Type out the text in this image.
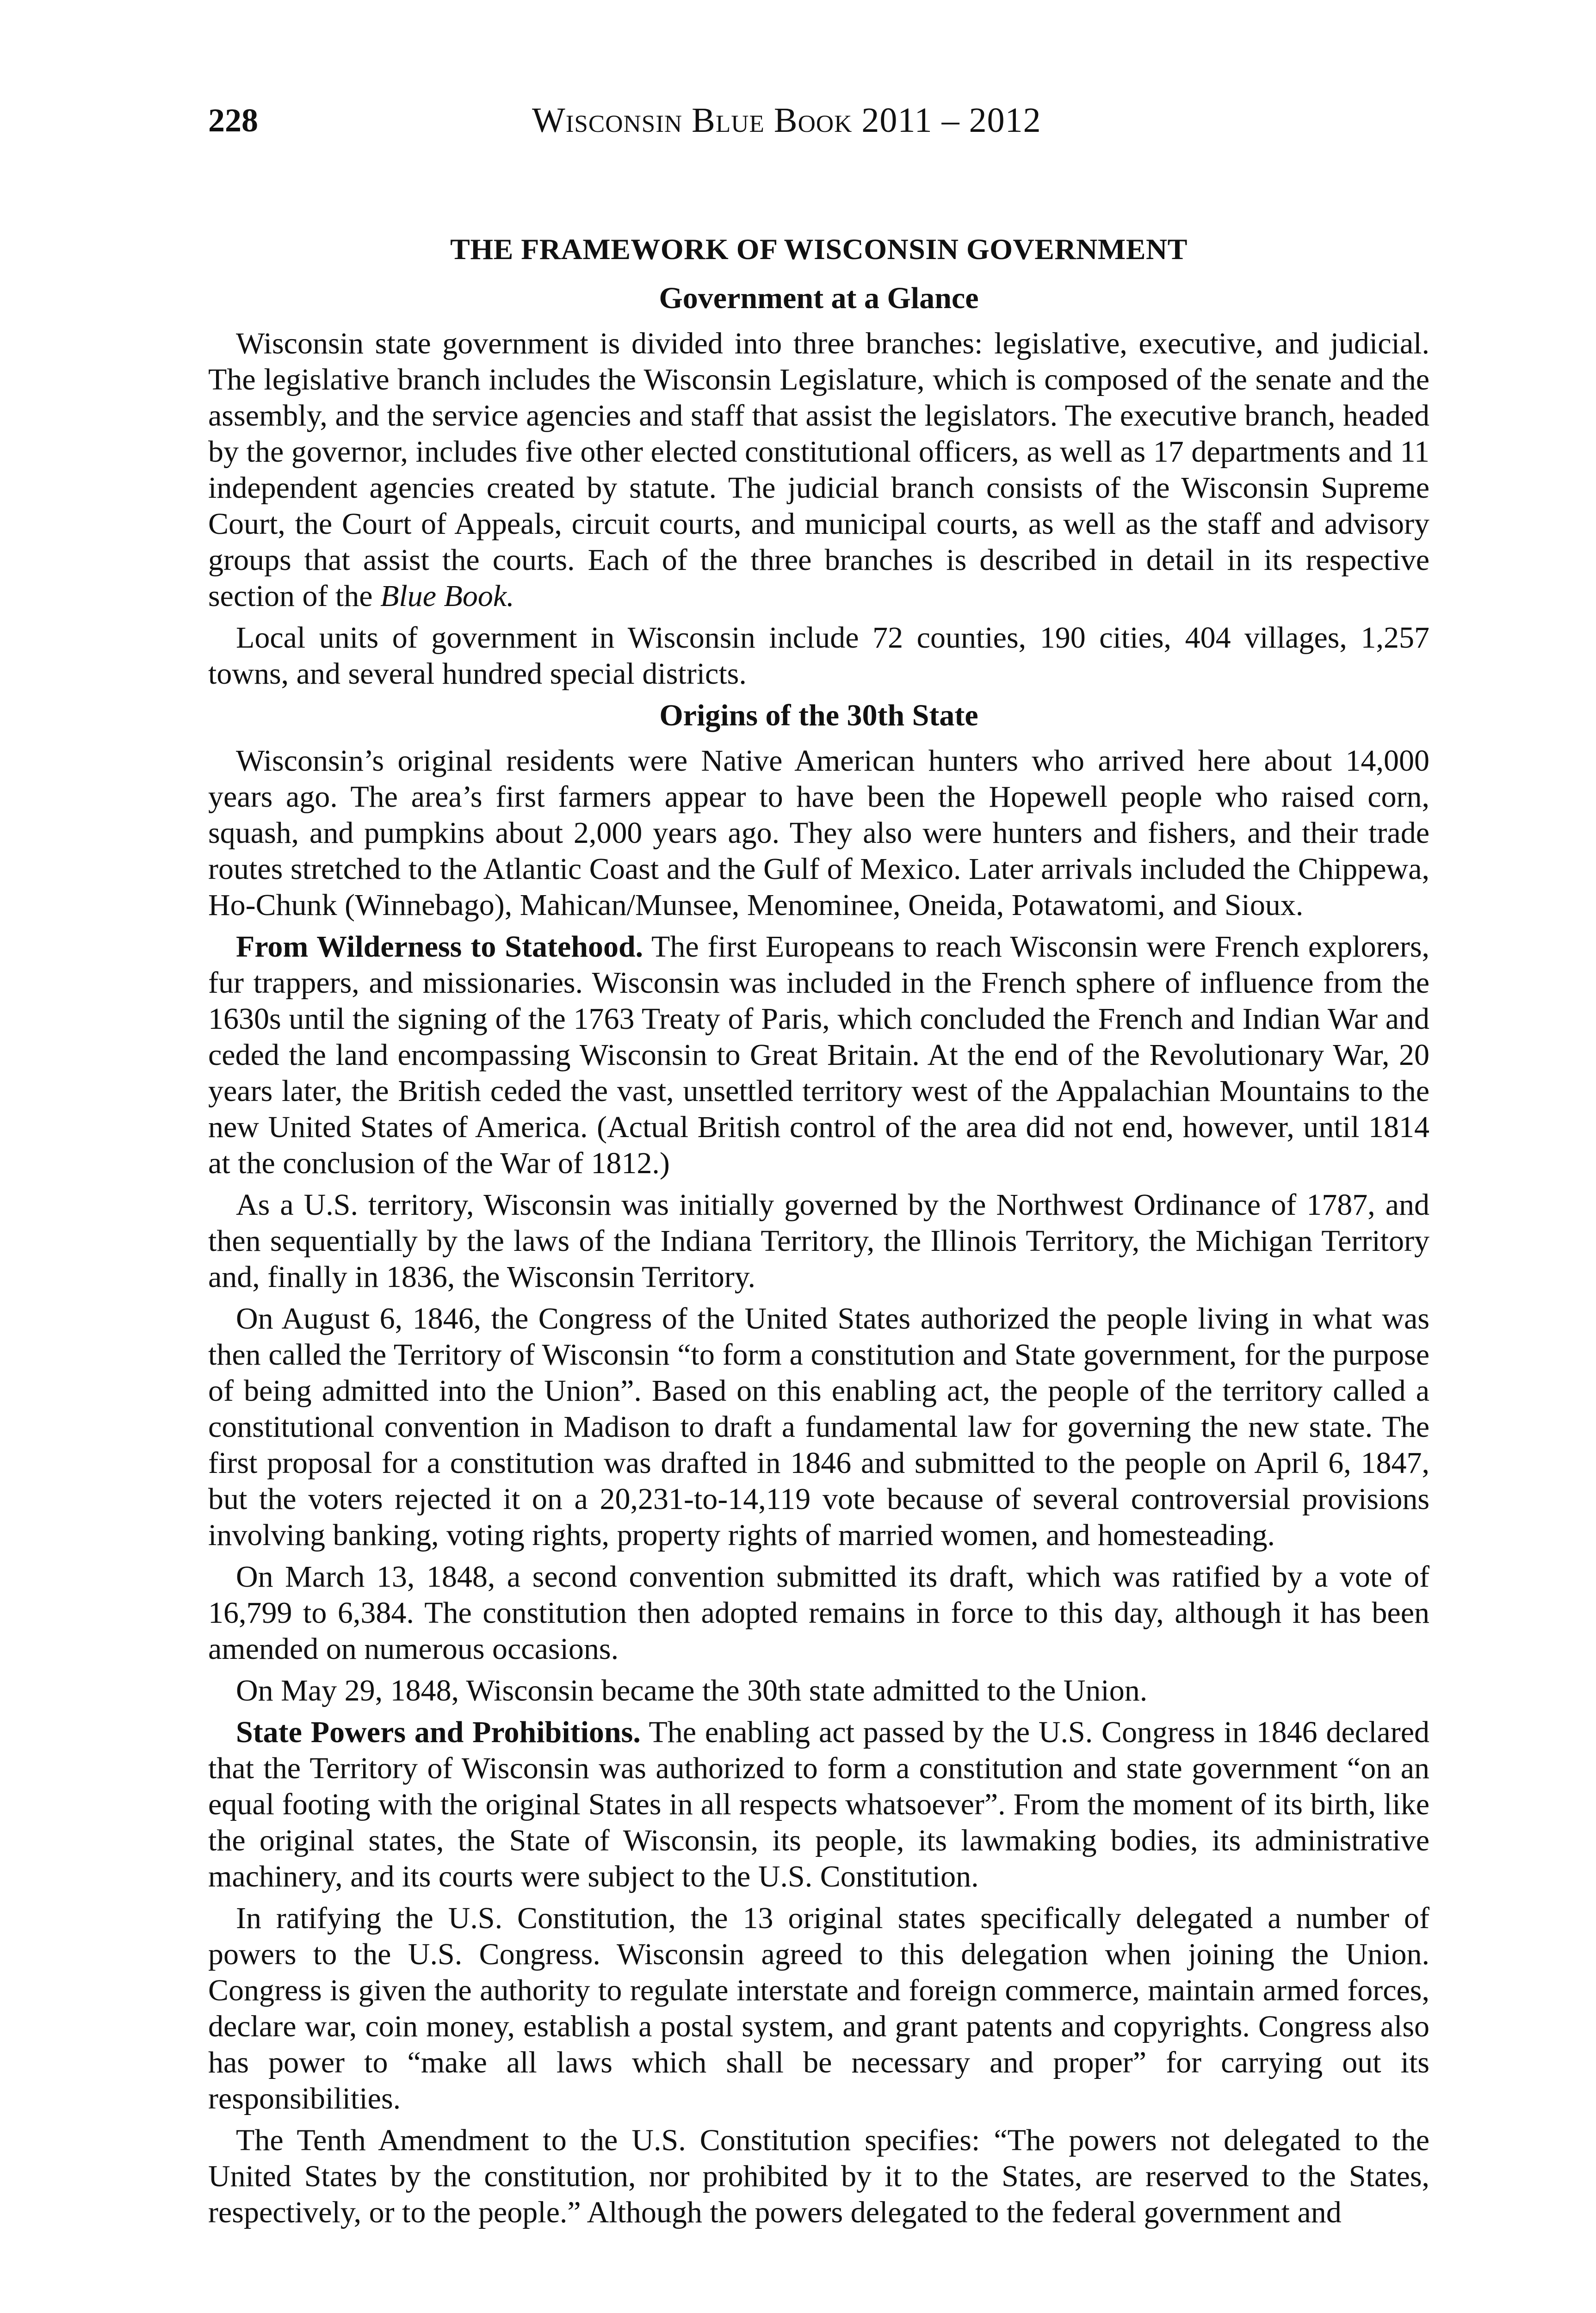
228	Wisconsin Blue Book 2011 – 2012
THE FRAMEWORK OF WISCONSIN GOVERNMENT
Government at a Glance

Wisconsin state government is divided into three branches: legislative, executive, and judicial. The legislative branch includes the Wisconsin Legislature, which is composed of the senate and the assembly, and the service agencies and staff that assist the legislators. The executive branch, headed by the governor, includes five other elected constitutional officers, as well as 17 departments and 11 independent agencies created by statute. The judicial branch consists of the Wisconsin Supreme Court, the Court of Appeals, circuit courts, and municipal courts, as well as the staff and advisory groups that assist the courts. Each of the three branches is described in detail in its respective section of the Blue Book.

Local units of government in Wisconsin include 72 counties, 190 cities, 404 villages, 1,257 towns, and several hundred special districts.

Origins of the 30th State

Wisconsin’s original residents were Native American hunters who arrived here about 14,000 years ago. The area’s first farmers appear to have been the Hopewell people who raised corn, squash, and pumpkins about 2,000 years ago. They also were hunters and fishers, and their trade routes stretched to the Atlantic Coast and the Gulf of Mexico. Later arrivals included the Chippewa, Ho-Chunk (Winnebago), Mahican/Munsee, Menominee, Oneida, Potawatomi, and Sioux.

From Wilderness to Statehood. The first Europeans to reach Wisconsin were French explorers, fur trappers, and missionaries. Wisconsin was included in the French sphere of influence from the 1630s until the signing of the 1763 Treaty of Paris, which concluded the French and Indian War and ceded the land encompassing Wisconsin to Great Britain. At the end of the Revolutionary War, 20 years later, the British ceded the vast, unsettled territory west of the Appalachian Mountains to the new United States of America. (Actual British control of the area did not end, however, until 1814 at the conclusion of the War of 1812.)

As a U.S. territory, Wisconsin was initially governed by the Northwest Ordinance of 1787, and then sequentially by the laws of the Indiana Territory, the Illinois Territory, the Michigan Territory and, finally in 1836, the Wisconsin Territory.

On August 6, 1846, the Congress of the United States authorized the people living in what was then called the Territory of Wisconsin “to form a constitution and State government, for the purpose of being admitted into the Union”. Based on this enabling act, the people of the territory called a constitutional convention in Madison to draft a fundamental law for governing the new state. The first proposal for a constitution was drafted in 1846 and submitted to the people on April 6, 1847, but the voters rejected it on a 20,231-to-14,119 vote because of several controversial provisions involving banking, voting rights, property rights of married women, and homesteading.

On March 13, 1848, a second convention submitted its draft, which was ratified by a vote of 16,799 to 6,384. The constitution then adopted remains in force to this day, although it has been amended on numerous occasions.

On May 29, 1848, Wisconsin became the 30th state admitted to the Union.

State Powers and Prohibitions. The enabling act passed by the U.S. Congress in 1846 declared that the Territory of Wisconsin was authorized to form a constitution and state government “on an equal footing with the original States in all respects whatsoever”. From the moment of its birth, like the original states, the State of Wisconsin, its people, its lawmaking bodies, its administrative machinery, and its courts were subject to the U.S. Constitution.

In ratifying the U.S. Constitution, the 13 original states specifically delegated a number of powers to the U.S. Congress. Wisconsin agreed to this delegation when joining the Union. Congress is given the authority to regulate interstate and foreign commerce, maintain armed forces, declare war, coin money, establish a postal system, and grant patents and copyrights. Congress also has power to “make all laws which shall be necessary and proper” for carrying out its responsibilities.

The Tenth Amendment to the U.S. Constitution specifies: “The powers not delegated to the United States by the constitution, nor prohibited by it to the States, are reserved to the States, respectively, or to the people.” Although the powers delegated to the federal government and
